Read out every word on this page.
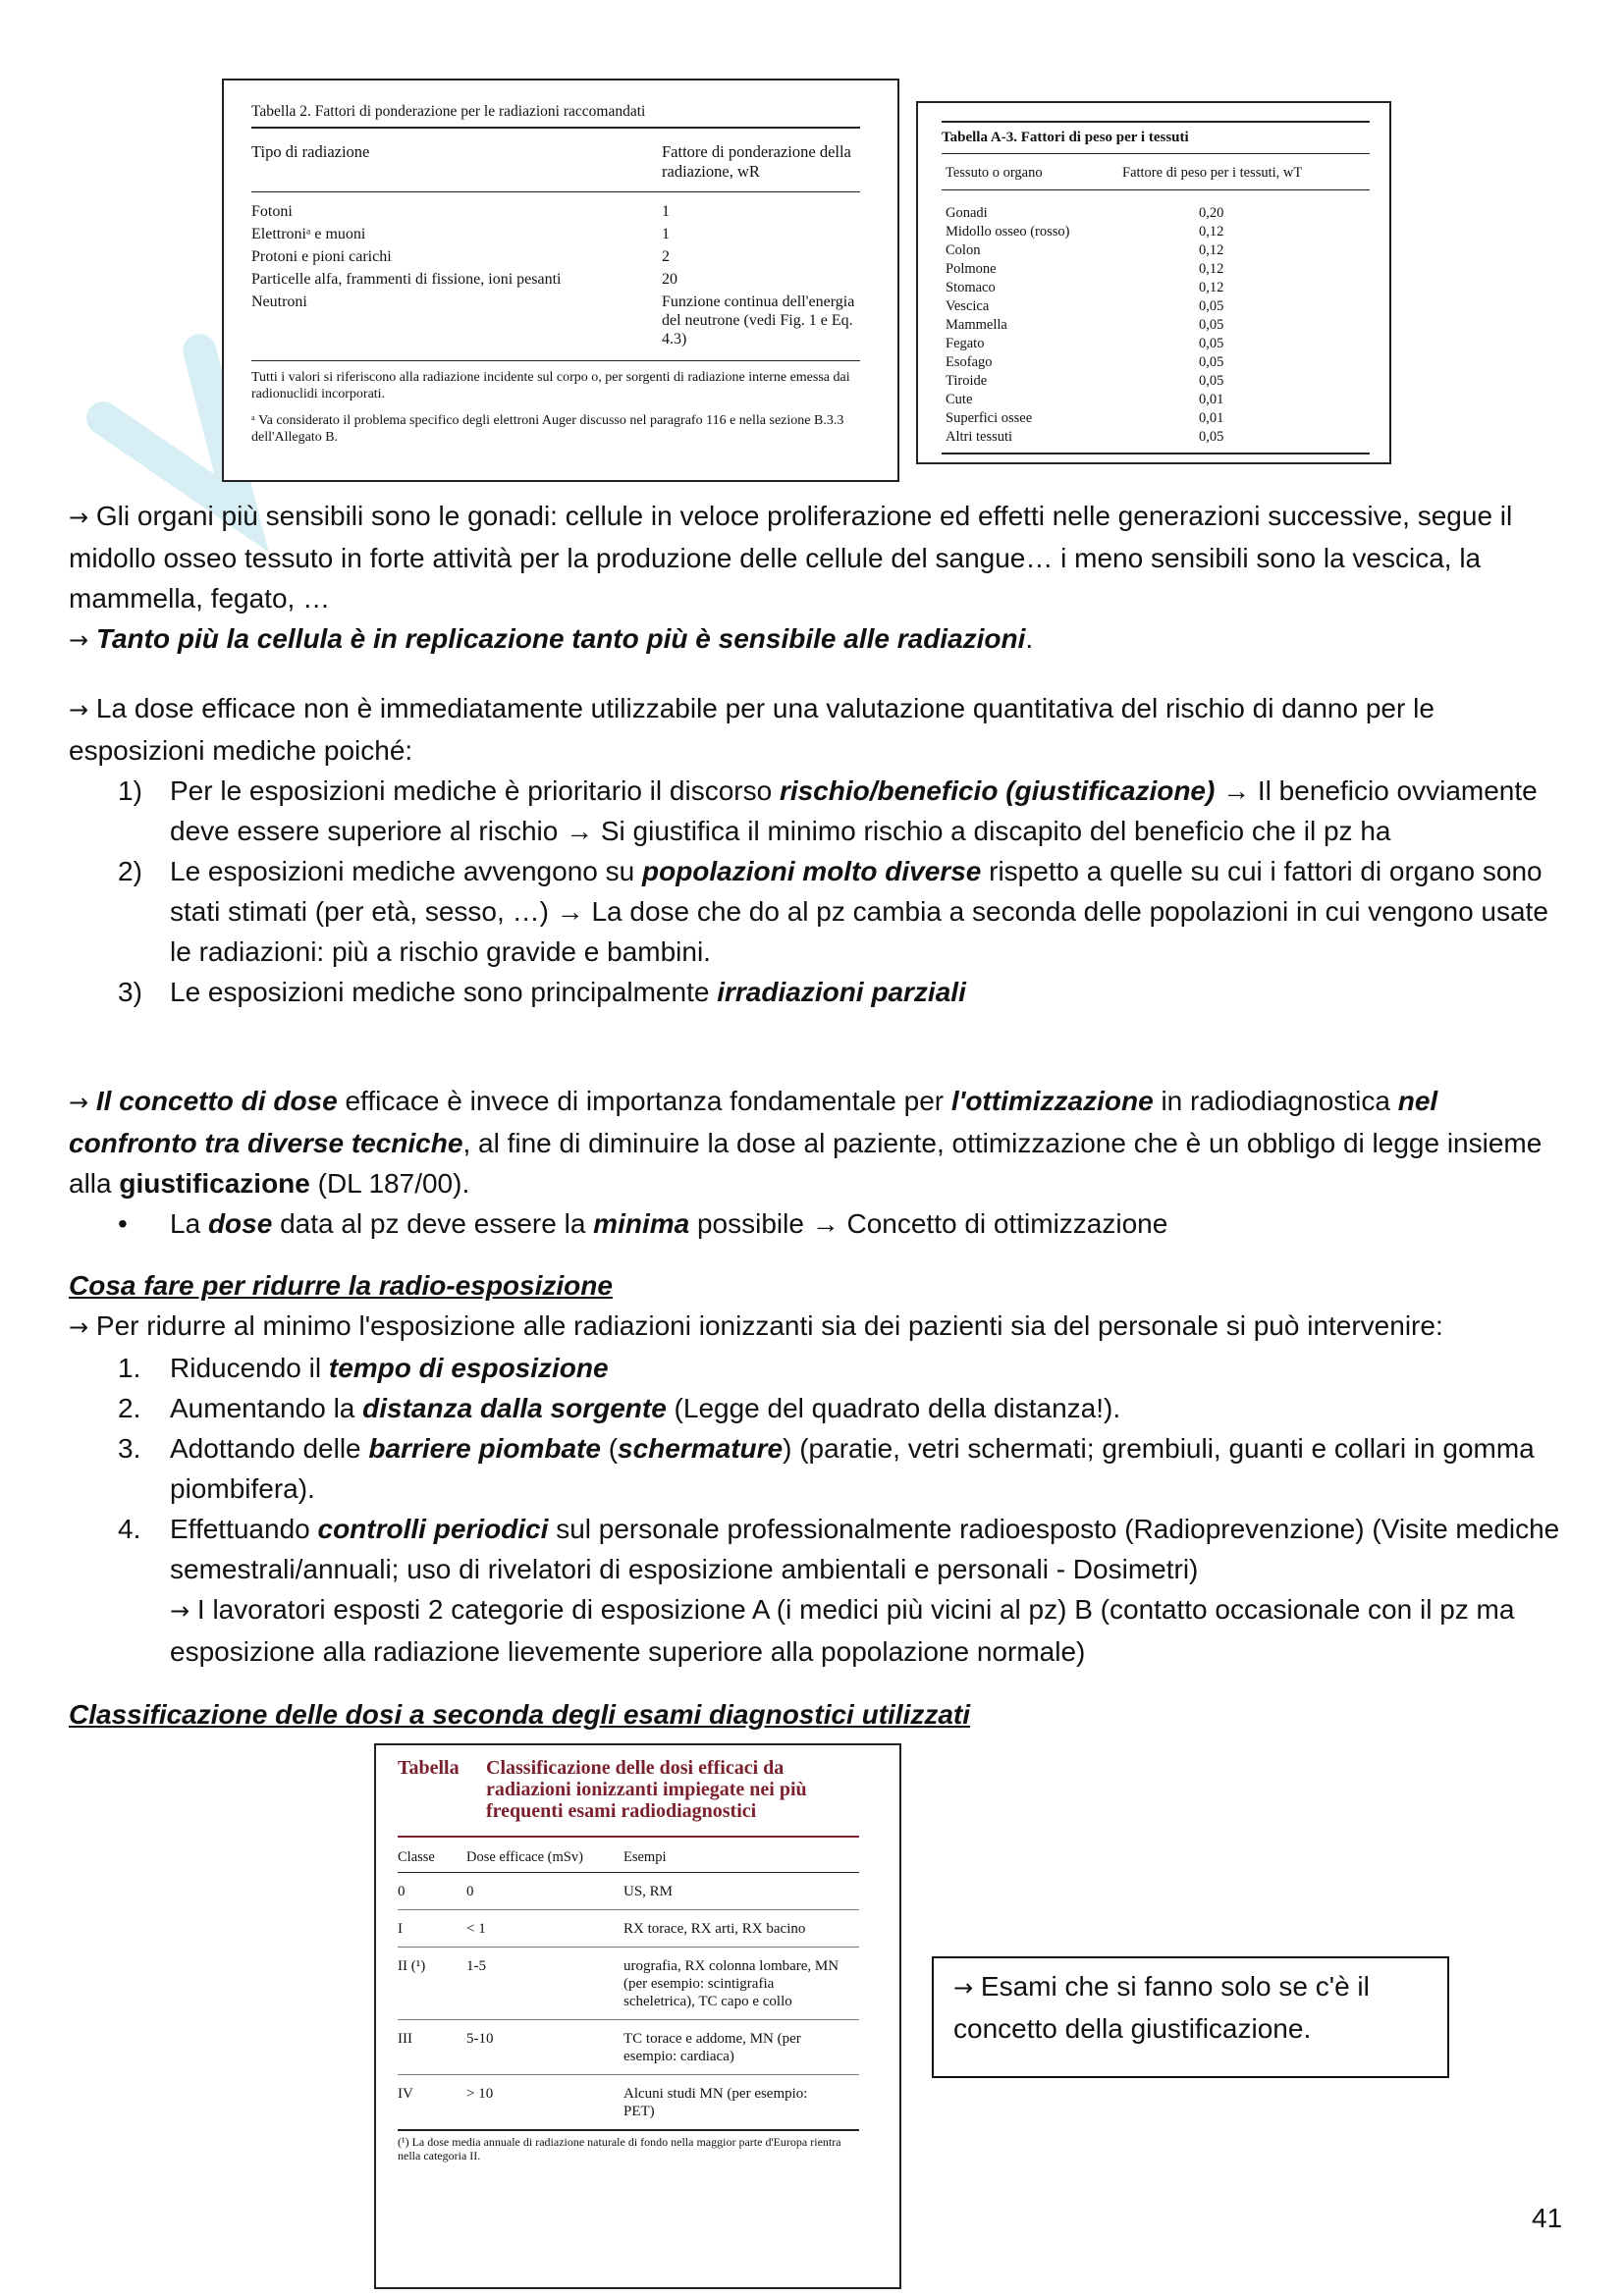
Tabella 2. Fattori di ponderazione per le radiazioni raccomandati
Tipo di radiazione	Fattore di ponderazione della radiazione, wR
Fotoni	1
Elettroniᵃ e muoni	1
Protoni e pioni carichi	2
Particelle alfa, frammenti di fissione, ioni pesanti	20
Neutroni	Funzione continua dell'energia del neutrone (vedi Fig. 1 e Eq. 4.3)
Tutti i valori si riferiscono alla radiazione incidente sul corpo o, per sorgenti di radiazione interne emessa dai radionuclidi incorporati.
ᵃ Va considerato il problema specifico degli elettroni Auger discusso nel paragrafo 116 e nella sezione B.3.3 dell'Allegato B.
Tabella A-3. Fattori di peso per i tessuti
Tessuto o organo	Fattore di peso per i tessuti, wT
Gonadi	0,20
Midollo osseo (rosso)	0,12
Colon	0,12
Polmone	0,12
Stomaco	0,12
Vescica	0,05
Mammella	0,05
Fegato	0,05
Esofago	0,05
Tiroide	0,05
Cute	0,01
Superfici ossee	0,01
Altri tessuti	0,05

→ Gli organi più sensibili sono le gonadi: cellule in veloce proliferazione ed effetti nelle generazioni successive, segue il midollo osseo tessuto in forte attività per la produzione delle cellule del sangue… i meno sensibili sono la vescica, la mammella, fegato, …

→ Tanto più la cellula è in replicazione tanto più è sensibile alle radiazioni.

→ La dose efficace non è immediatamente utilizzabile per una valutazione quantitativa del rischio di danno per le esposizioni mediche poiché:

1) Per le esposizioni mediche è prioritario il discorso rischio/beneficio (giustificazione) → Il beneficio ovviamente deve essere superiore al rischio → Si giustifica il minimo rischio a discapito del beneficio che il pz ha
2) Le esposizioni mediche avvengono su popolazioni molto diverse rispetto a quelle su cui i fattori di organo sono stati stimati (per età, sesso, …) → La dose che do al pz cambia a seconda delle popolazioni in cui vengono usate le radiazioni: più a rischio gravide e bambini.
3) Le esposizioni mediche sono principalmente irradiazioni parziali

→ Il concetto di dose efficace è invece di importanza fondamentale per l'ottimizzazione in radiodiagnostica nel confronto tra diverse tecniche, al fine di diminuire la dose al paziente, ottimizzazione che è un obbligo di legge insieme alla giustificazione (DL 187/00).

• La dose data al pz deve essere la minima possibile → Concetto di ottimizzazione

Cosa fare per ridurre la radio-esposizione

→ Per ridurre al minimo l'esposizione alle radiazioni ionizzanti sia dei pazienti sia del personale si può intervenire:

1. Riducendo il tempo di esposizione
2. Aumentando la distanza dalla sorgente (Legge del quadrato della distanza!).
3. Adottando delle barriere piombate (schermature) (paratie, vetri schermati; grembiuli, guanti e collari in gomma piombifera).
4. Effettuando controlli periodici sul personale professionalmente radioesposto (Radioprevenzione) (Visite mediche semestrali/annuali; uso di rivelatori di esposizione ambientali e personali - Dosimetri)
→ I lavoratori esposti 2 categorie di esposizione A (i medici più vicini al pz) B (contatto occasionale con il pz ma esposizione alla radiazione lievemente superiore alla popolazione normale)

Classificazione delle dosi a seconda degli esami diagnostici utilizzati

Tabella	Classificazione delle dosi efficaci da radiazioni ionizzanti impiegate nei più frequenti esami radiodiagnostici
Classe	Dose efficace (mSv)	Esempi
0	0	US, RM
I	< 1	RX torace, RX arti, RX bacino
II (¹)	1-5	urografia, RX colonna lombare, MN (per esempio: scintigrafia scheletrica), TC capo e collo
III	5-10	TC torace e addome, MN (per esempio: cardiaca)
IV	> 10	Alcuni studi MN (per esempio: PET)
(¹) La dose media annuale di radiazione naturale di fondo nella maggior parte d'Europa rientra nella categoria II.
→ Esami che si fanno solo se c'è il concetto della giustificazione.
41
